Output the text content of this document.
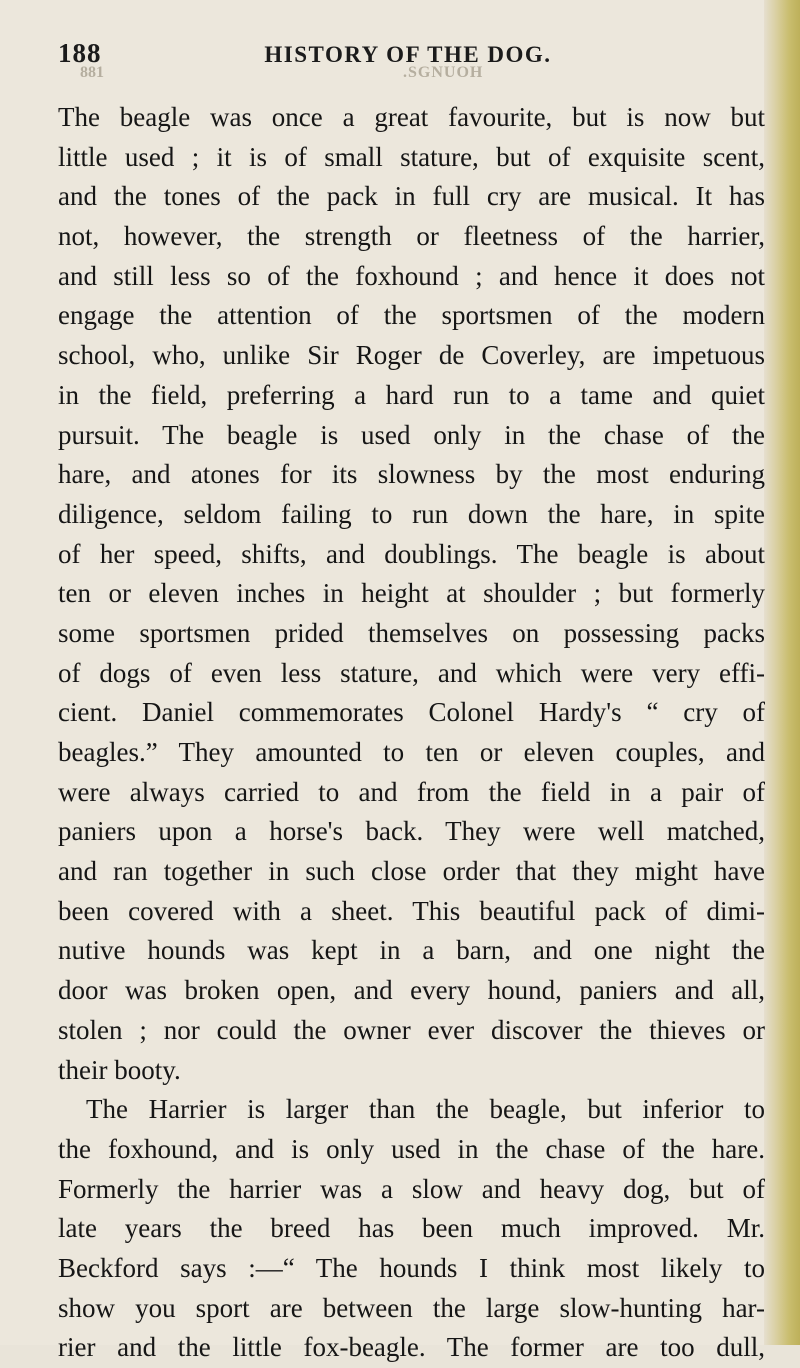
188	HISTORY OF THE DOG.
881	.SGNUOH
The beagle was once a great favourite, but is now but
little used ; it is of small stature, but of exquisite scent,
and the tones of the pack in full cry are musical. It has
not, however, the strength or fleetness of the harrier,
and still less so of the foxhound ; and hence it does not
engage the attention of the sportsmen of the modern
school, who, unlike Sir Roger de Coverley, are impetuous
in the field, preferring a hard run to a tame and quiet
pursuit. The beagle is used only in the chase of the
hare, and atones for its slowness by the most enduring
diligence, seldom failing to run down the hare, in spite
of her speed, shifts, and doublings. The beagle is about
ten or eleven inches in height at shoulder ; but formerly
some sportsmen prided themselves on possessing packs
of dogs of even less stature, and which were very effi-
cient. Daniel commemorates Colonel Hardy's “ cry of
beagles.” They amounted to ten or eleven couples, and
were always carried to and from the field in a pair of
paniers upon a horse's back. They were well matched,
and ran together in such close order that they might have
been covered with a sheet. This beautiful pack of dimi-
nutive hounds was kept in a barn, and one night the
door was broken open, and every hound, paniers and all,
stolen ; nor could the owner ever discover the thieves or
their booty.
The Harrier is larger than the beagle, but inferior to
the foxhound, and is only used in the chase of the hare.
Formerly the harrier was a slow and heavy dog, but of
late years the breed has been much improved. Mr.
Beckford says :—“ The hounds I think most likely to
show you sport are between the large slow-hunting har-
rier and the little fox-beagle. The former are too dull,
